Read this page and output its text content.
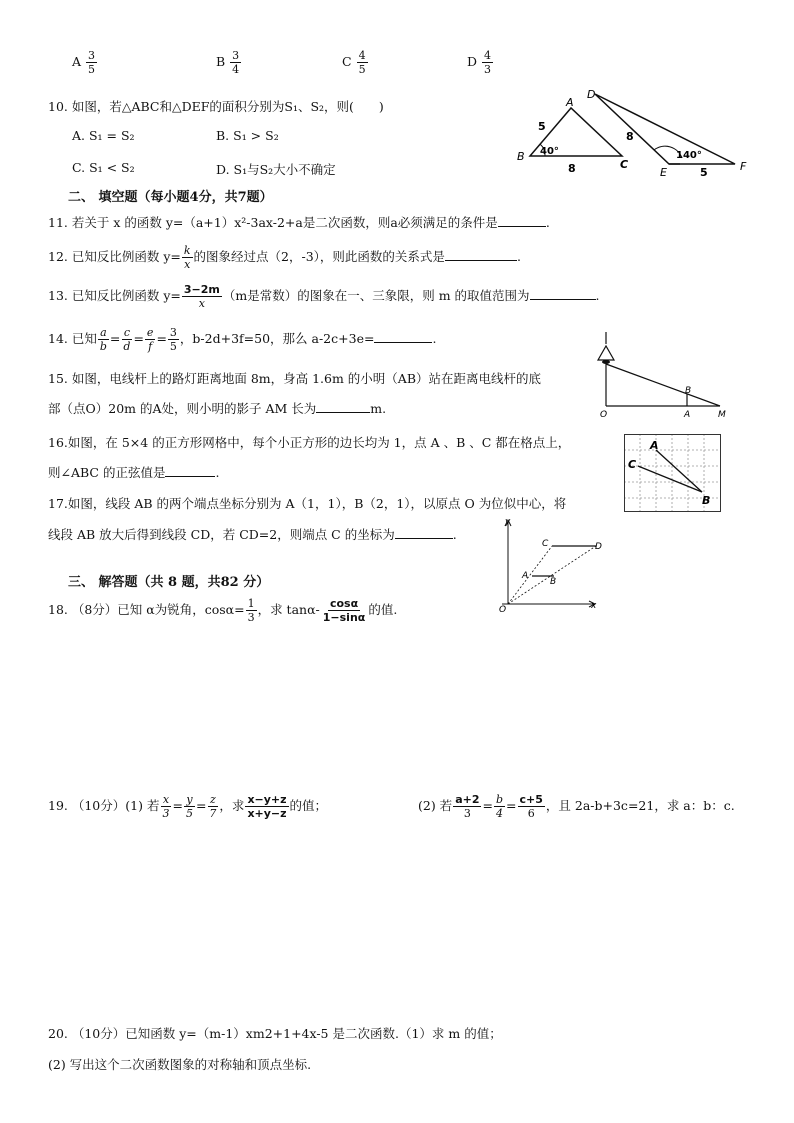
A $\frac{3}{5}$	B $\frac{3}{4}$	C $\frac{4}{5}$	D $\frac{4}{3}$
10. 如图，若△ABC和△DEF的面积分别为S₁、S₂，则(　　)
A. S₁ = S₂	B. S₁ > S₂
C. S₁ < S₂	D. S₁与S₂大小不确定
A
B
C
D
E	F
5
8
8
5
40°	140°
二、 填空题（每小题4分，共7题）
11. 若关于 x 的函数 y=（a+1）x²-3ax-2+a是二次函数，则a必须满足的条件是	.
12. 已知反比例函数 $y= \frac{k}{x}$ 的图象经过点（2，-3），则此函数的关系式是	.
13. 已知反比例函数 $y= \frac{3-2m}{x} (m$是常数）的图象在一、三象限，则 m 的取值范围为	.
14. 已知 $\frac{a}{b} = \frac{c}{d} = \frac{e}{f} = \frac{3}{5}$ ，b-2d+3f=50，那么 a-2c+3e=	.
15. 如图，电线杆上的路灯距离地面 8m，身高 1.6m 的小明（AB）站在距离电线杆的底
部（点O）20m 的A处，则小明的影子 AM 长为	m.	O	A
B
M
16.如图，在 5×4 的正方形网格中，每个小正方形的边长均为 1，点 A 、B 、C 都在格点上，
则∠ABC 的正弦值是	.
A
B
C
17.如图，线段 AB 的两个端点坐标分别为 A（1，1），B（2，1），以原点 O 为位似中心，将
线段 AB 放大后得到线段 CD，若 CD=2，则端点 C 的坐标为	.
y
x
O
A
B
C	D
三、 解答题（共 8 题，共82 分）
18. （8分）已知 α为锐角，$\cos\alpha= \frac{1}{3}$ ，求 $\tan\alpha- \frac{\cos\alpha}{1-\sin\alpha}$ 的值.
19. （10分）(1) 若 $\frac{x}{3} = \frac{y}{5} = \frac{z}{7}$ ，求 $\frac{x-y+z}{x+y-z}$ 的值；	(2) 若 $\frac{a+2}{3} = \frac{b}{4} = \frac{c+5}{6}$ ，且 2a-b+3c=21，求 a：b：c.
20. （10分）已知函数 y=（m-1）xm2+1+4x-5 是二次函数.（1）求 m 的值；
(2) 写出这个二次函数图象的对称轴和顶点坐标.
